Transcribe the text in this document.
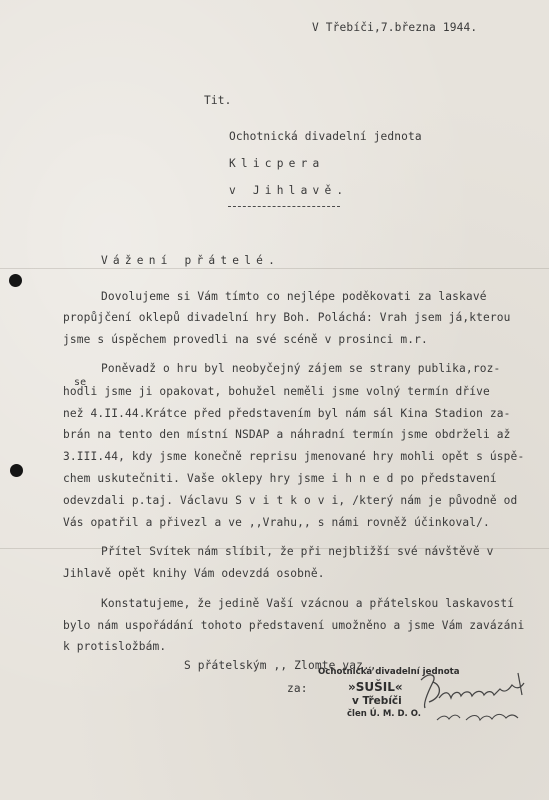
V Třebíči,7.března 1944.
Tit.
Ochotnická divadelní jednota
Klicpera
v Jihlavě.
Vážení přátelé.
Dovolujeme si Vám tímto co nejlépe poděkovati za laskavé
propůjčení oklepů divadelní hry Boh. Poláchá: Vrah jsem já,kterou
jsme s úspěchem provedli na své scéně v prosinci m.r.
Poněvadž o hru byl neobyčejný zájem se strany publika,roz-
se
hodli jsme ji opakovat, bohužel neměli jsme volný termín dříve
než 4.II.44.Krátce před představením byl nám sál Kina Stadion za-
brán na tento den místní NSDAP a náhradní termín jsme obdrželi až
3.III.44, kdy jsme konečně reprisu jmenované hry mohli opět s úspě-
chem uskutečniti. Vaše oklepy hry jsme i h n e d po představení
odevzdali p.taj. Václavu S v i t k o v i, /který nám je původně od
Vás opatřil a přivezl a ve ,,Vrahu,, s námi rovněž účinkoval/.
Přítel Svítek nám slíbil, že při nejbližší své návštěvě v
Jihlavě opět knihy Vám odevzdá osobně.
Konstatujeme, že jedině Vaší vzácnou a přátelskou laskavostí
bylo nám uspořádání tohoto představení umožněno a jsme Vám zavázáni
k protisložbám.
S přátelským ,, Zlomte vaz.,
za:
Ochotnická divadelní jednota
»SUŠIL«
v Třebíči
člen Ú. M. D. O.
